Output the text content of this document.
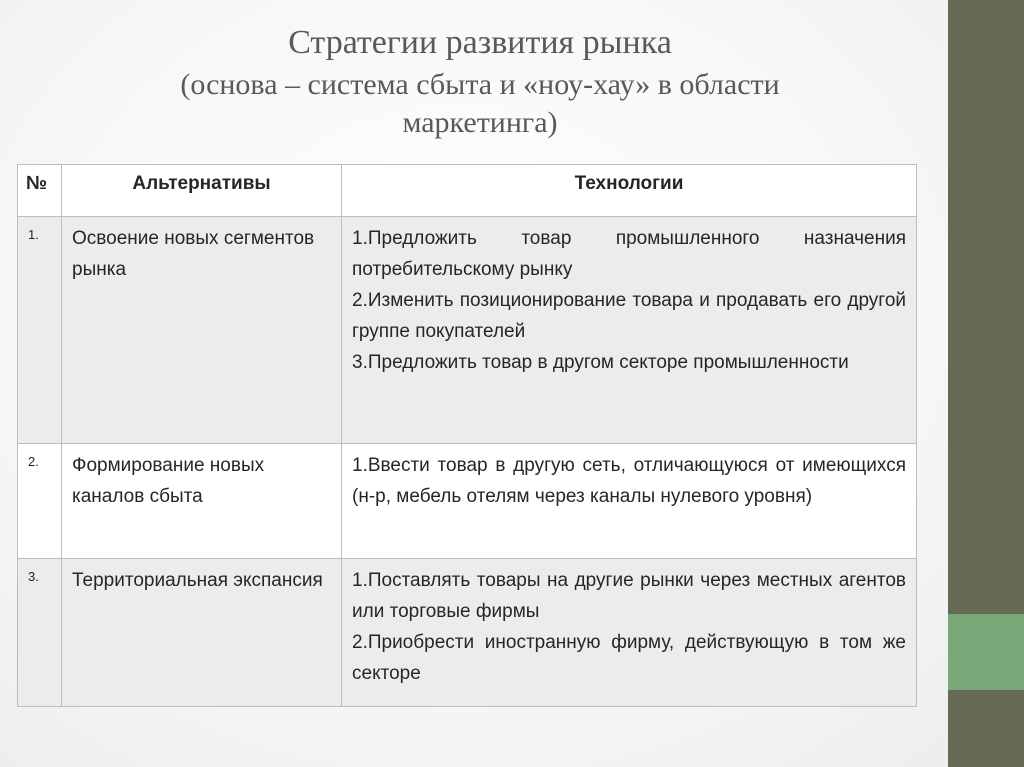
Стратегии развития рынка
(основа – система сбыта и «ноу-хау» в области
маркетинга)
№	Альтернативы	Технологии
1.	Освоение новых сегментов рынка	1.Предложить товар промышленного назначения потребительскому рынку

2.Изменить позиционирование товара и продавать его другой группе покупателей

3.Предложить товар в другом секторе промышленности

2.	Формирование новых каналов сбыта	1.Ввести товар в другую сеть, отличающуюся от имеющихся (н-р, мебель отелям через каналы нулевого уровня)

3.	Территориальная экспансия	1.Поставлять товары на другие рынки через местных агентов или торговые фирмы

2.Приобрести иностранную фирму, действующую в том же секторе
